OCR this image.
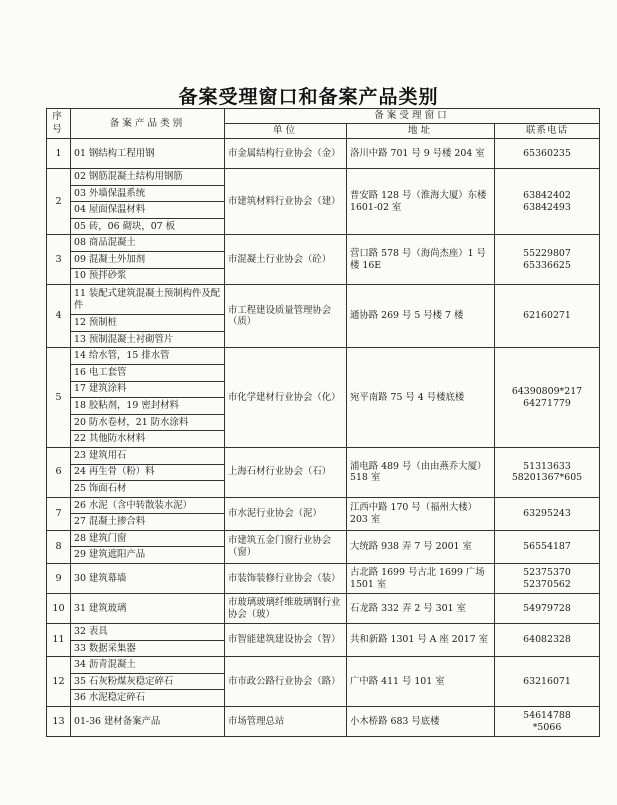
备案受理窗口和备案产品类别
序号	备案产品类别	备案受理窗口		
		单位	地址	联系电话
1	01 钢结构工程用钢	市金属结构行业协会（金）	洛川中路 701 号 9 号楼 204 室	65360235

2	02 钢筋混凝土结构用钢筋	市建筑材料行业协会（建）	普安路 128 号（淮海大厦）东楼 1601-02 室	63842402
63842493

	03 外墙保温系统			
	04 屋面保温材料			
	05 砖，06 砌块，07 板			
3	08 商品混凝土	市混凝土行业协会（砼）	营口路 578 号（海尚杰座）1 号楼 16E	55229807
65336625

	09 混凝土外加剂			
	10 预拌砂浆			
4	11 装配式建筑混凝土预制构件及配件	市工程建设质量管理协会（质）	通协路 269 号 5 号楼 7 楼	62160271

	12 预制桩			
	13 预制混凝土衬砌管片			
5	14 给水管，15 排水管	市化学建材行业协会（化）	宛平南路 75 号 4 号楼底楼	64390809*217
64271779

	16 电工套管			
	17 建筑涂料			
	18 胶粘剂，19 密封材料			
	20 防水卷材，21 防水涂料			
	22 其他防水材料			
6	23 建筑用石	上海石材行业协会（石）	浦电路 489 号（由由燕乔大厦）518 室	51313633
58201367*605

	24 再生骨（粉）料			
	25 饰面石材			
7	26 水泥（含中转散装水泥）	市水泥行业协会（泥）	江西中路 170 号（福州大楼）203 室	63295243

	27 混凝土掺合料			
8	28 建筑门窗	市建筑五金门窗行业协会（窗）	大统路 938 弄 7 号 2001 室	56554187

	29 建筑遮阳产品			
9	30 建筑幕墙	市装饰装修行业协会（装）	古北路 1699 号古北 1699 广场 1501 室	52375370
52370562

10	31 建筑玻璃	市玻璃玻璃纤维玻璃钢行业协会（玻）	石龙路 332 弄 2 号 301 室	54979728

11	32 表具	市智能建筑建设协会（智）	共和新路 1301 号 A 座 2017 室	64082328

	33 数据采集器			
12	34 沥青混凝土	市市政公路行业协会（路）	广中路 411 号 101 室	63216071

	35 石灰粉煤灰稳定碎石			
	36 水泥稳定碎石			
13	01-36 建材备案产品	市场管理总站	小木桥路 683 号底楼	54614788
*5066
